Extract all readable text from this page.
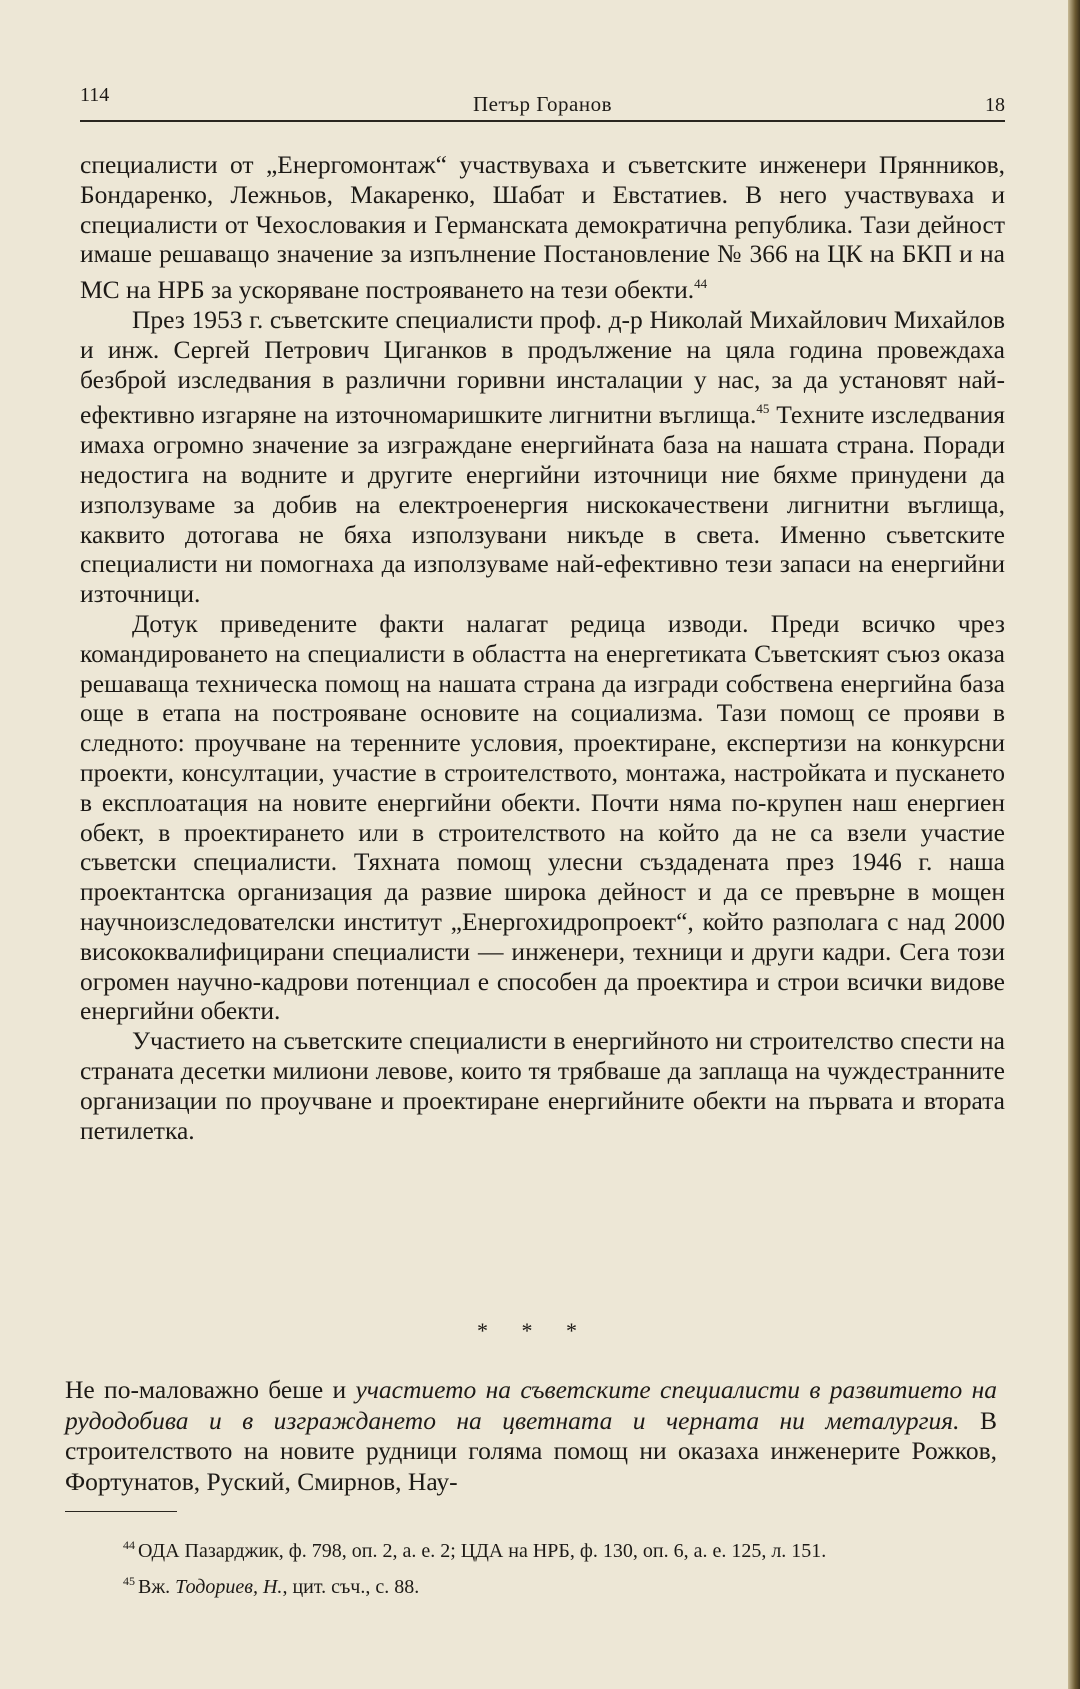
114	Петър Горанов	18

специалисти от „Енергомонтаж“ участвуваха и съветските инженери Прянников, Бондаренко, Лежньов, Макаренко, Шабат и Евстатиев. В него участвуваха и специалисти от Чехословакия и Германската демократична република. Тази дейност имаше решаващо значение за изпълнение Постановление № 366 на ЦК на БКП и на МС на НРБ за ускоряване построяването на тези обекти.$^{44}$

През 1953 г. съветските специалисти проф. д-р Николай Михайлович Михайлов и инж. Сергей Петрович Циганков в продължение на цяла година провеждаха безброй изследвания в различни горивни инсталации у нас, за да установят най-ефективно изгаряне на източномаришките лигнитни въглища.$^{45}$ Техните изследвания имаха огромно значение за изграждане енергийната база на нашата страна. Поради недостига на водните и другите енергийни източници ние бяхме принудени да използуваме за добив на електроенергия нискокачествени лигнитни въглища, каквито дотогава не бяха използувани никъде в света. Именно съветските специалисти ни помогнаха да използуваме най-ефективно тези запаси на енергийни източници.

Дотук приведените факти налагат редица изводи. Преди всичко чрез командироването на специалисти в областта на енергетиката Съветският съюз оказа решаваща техническа помощ на нашата страна да изгради собствена енергийна база още в етапа на построяване основите на социализма. Тази помощ се прояви в следното: проучване на теренните условия, проектиране, експертизи на конкурсни проекти, консултации, участие в строителството, монтажа, настройката и пускането в експлоатация на новите енергийни обекти. Почти няма по-крупен наш енергиен обект, в проектирането или в строителството на който да не са взели участие съветски специалисти. Тяхната помощ улесни създадената през 1946 г. наша проектантска организация да развие широка дейност и да се превърне в мощен научноизследователски институт „Енергохидропроект“, който разполага с над 2000 висококвалифицирани специалисти — инженери, техници и други кадри. Сега този огромен научно-кадрови потенциал е способен да проектира и строи всички видове енергийни обекти.

Участието на съветските специалисти в енергийното ни строителство спести на страната десетки милиони левове, които тя трябваше да заплаща на чуждестранните организации по проучване и проектиране енергийните обекти на първата и втората петилетка.

* * *

Не по-маловажно беше и участието на съветските специалисти в развитието на рудодобива и в изграждането на цветната и черната ни металургия. В строителството на новите рудници голяма помощ ни оказаха инженерите Рожков, Фортунатов, Руский, Смирнов, Нау-

$^{44}$ ОДА Пазарджик, ф. 798, оп. 2, а. е. 2; ЦДА на НРБ, ф. 130, оп. 6, а. е. 125, л. 151.

$^{45}$ Вж. Тодориев, Н., цит. съч., с. 88.
